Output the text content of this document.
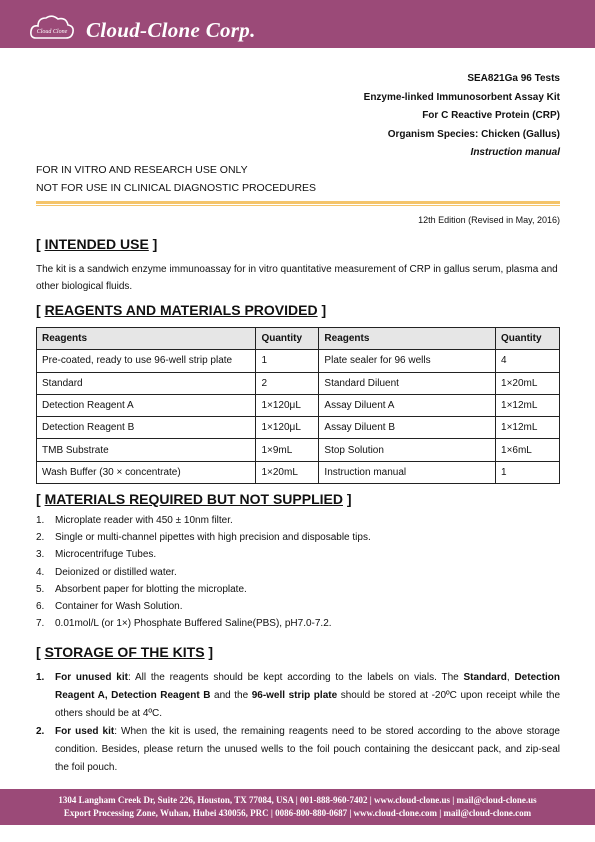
Cloud Clone Cloud-Clone Corp.
SEA821Ga 96 Tests
Enzyme-linked Immunosorbent Assay Kit
For C Reactive Protein (CRP)
Organism Species: Chicken (Gallus)
Instruction manual
FOR IN VITRO AND RESEARCH USE ONLY
NOT FOR USE IN CLINICAL DIAGNOSTIC PROCEDURES
12th Edition (Revised in May, 2016)
[ INTENDED USE ]
The kit is a sandwich enzyme immunoassay for in vitro quantitative measurement of CRP in gallus serum, plasma and other biological fluids.
[ REAGENTS AND MATERIALS PROVIDED ]
Reagents	Quantity	Reagents	Quantity
Pre-coated, ready to use 96-well strip plate	1	Plate sealer for 96 wells	4
Standard	2	Standard Diluent	1×20mL
Detection Reagent A	1×120μL	Assay Diluent A	1×12mL
Detection Reagent B	1×120μL	Assay Diluent B	1×12mL
TMB Substrate	1×9mL	Stop Solution	1×6mL
Wash Buffer (30 × concentrate)	1×20mL	Instruction manual	1
[ MATERIALS REQUIRED BUT NOT SUPPLIED ]
1.	Microplate reader with 450 ± 10nm filter.
2.	Single or multi-channel pipettes with high precision and disposable tips.
3.	Microcentrifuge Tubes.
4.	Deionized or distilled water.
5.	Absorbent paper for blotting the microplate.
6.	Container for Wash Solution.
7.	0.01mol/L (or 1×) Phosphate Buffered Saline(PBS), pH7.0-7.2.
[ STORAGE OF THE KITS ]
1.	For unused kit: All the reagents should be kept according to the labels on vials. The Standard, Detection Reagent A, Detection Reagent B and the 96-well strip plate should be stored at -20ºC upon receipt while the others should be at 4ºC.
2.	For used kit: When the kit is used, the remaining reagents need to be stored according to the above storage condition. Besides, please return the unused wells to the foil pouch containing the desiccant pack, and zip-seal the foil pouch.
1304 Langham Creek Dr, Suite 226, Houston, TX 77084, USA | 001-888-960-7402 | www.cloud-clone.us | mail@cloud-clone.us
Export Processing Zone, Wuhan, Hubei 430056, PRC | 0086-800-880-0687 | www.cloud-clone.com | mail@cloud-clone.com
